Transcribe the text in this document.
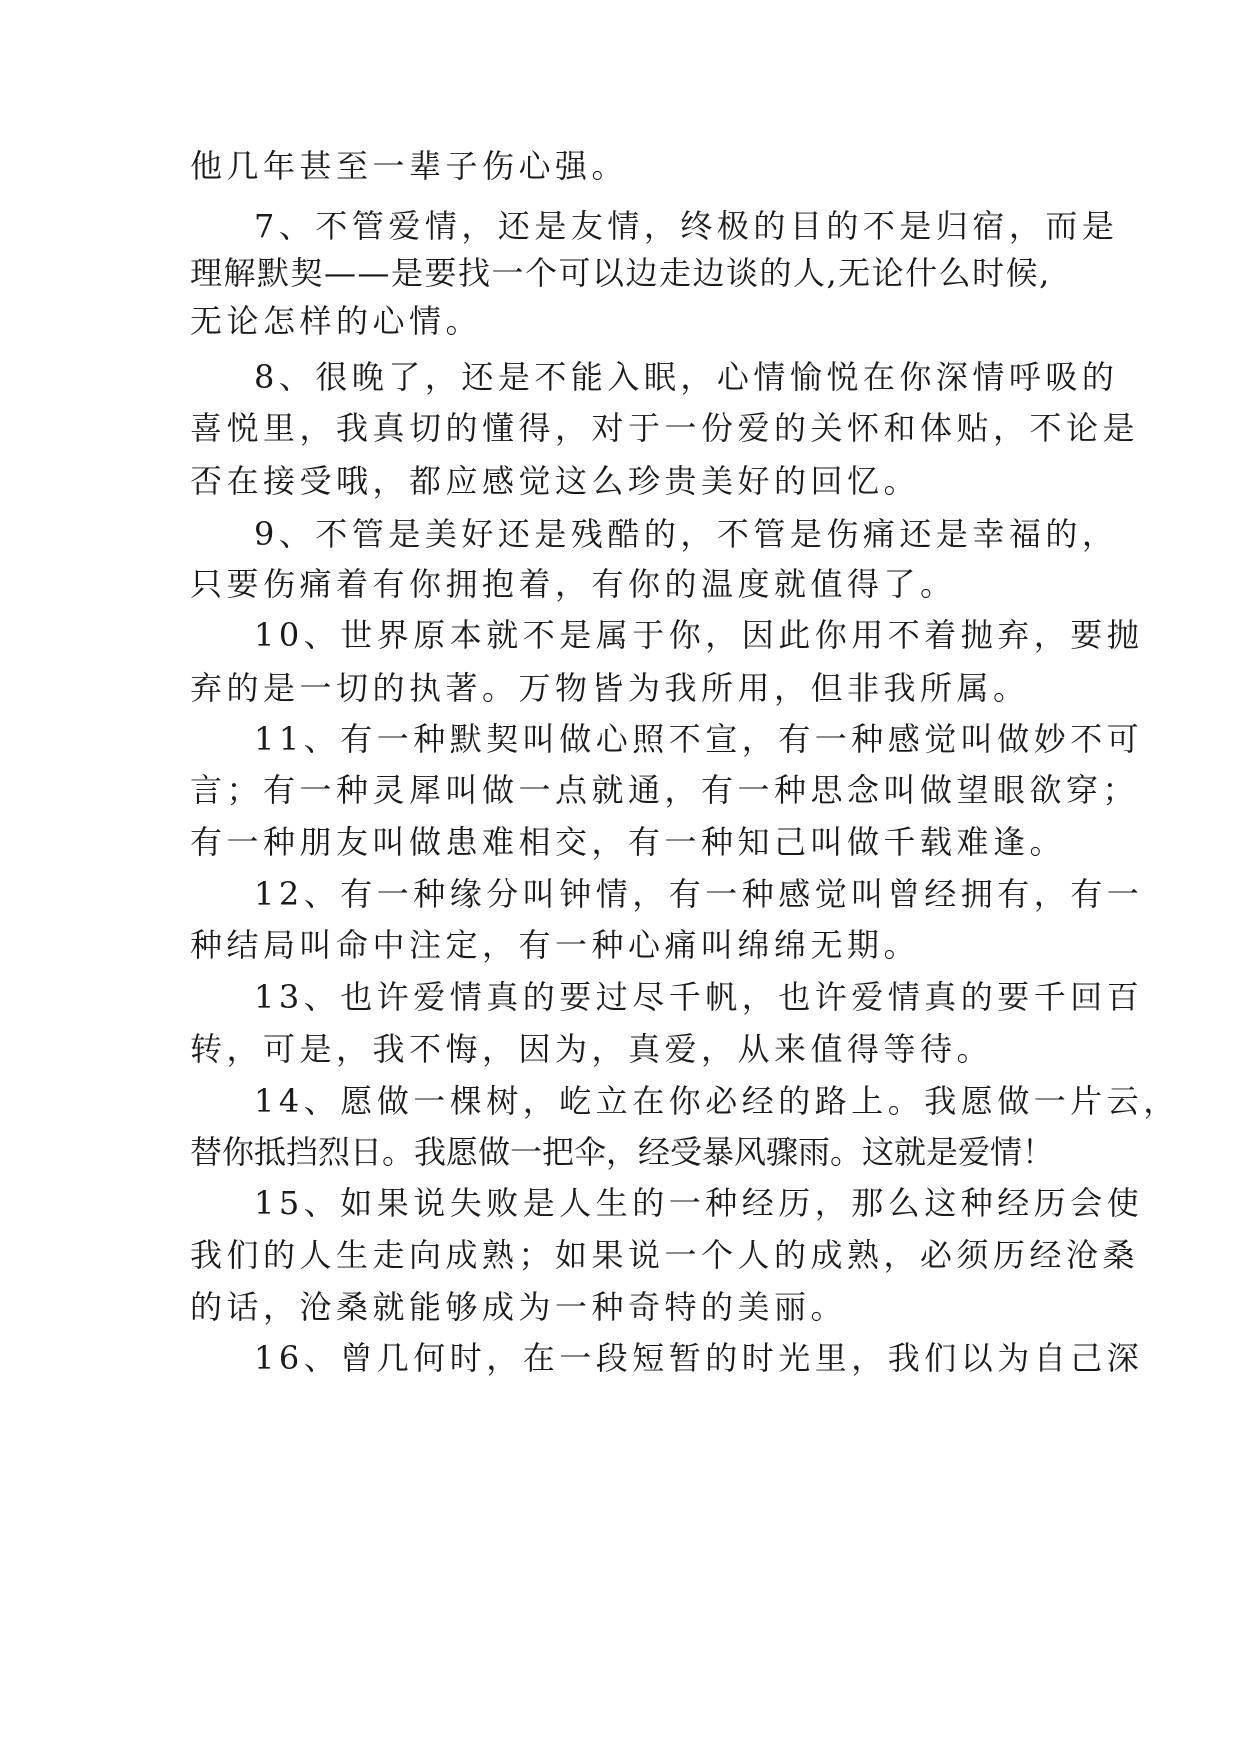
他几年甚至一辈子伤心强。
7、不管爱情，还是友情，终极的目的不是归宿，而是
理解默契——是要找一个可以边走边谈的人,无论什么时候,
无论怎样的心情。
8、很晚了，还是不能入眠，心情愉悦在你深情呼吸的
喜悦里，我真切的懂得，对于一份爱的关怀和体贴，不论是
否在接受哦，都应感觉这么珍贵美好的回忆。
9、不管是美好还是残酷的，不管是伤痛还是幸福的，
只要伤痛着有你拥抱着，有你的温度就值得了。
10、世界原本就不是属于你，因此你用不着抛弃，要抛
弃的是一切的执著。万物皆为我所用，但非我所属。
11、有一种默契叫做心照不宣，有一种感觉叫做妙不可
言；有一种灵犀叫做一点就通，有一种思念叫做望眼欲穿；
有一种朋友叫做患难相交，有一种知己叫做千载难逢。
12、有一种缘分叫钟情，有一种感觉叫曾经拥有，有一
种结局叫命中注定，有一种心痛叫绵绵无期。
13、也许爱情真的要过尽千帆，也许爱情真的要千回百
转，可是，我不悔，因为，真爱，从来值得等待。
14、愿做一棵树，屹立在你必经的路上。我愿做一片云，
替你抵挡烈日。我愿做一把伞，经受暴风骤雨。这就是爱情！
15、如果说失败是人生的一种经历，那么这种经历会使
我们的人生走向成熟；如果说一个人的成熟，必须历经沧桑
的话，沧桑就能够成为一种奇特的美丽。
16、曾几何时，在一段短暂的时光里，我们以为自己深
